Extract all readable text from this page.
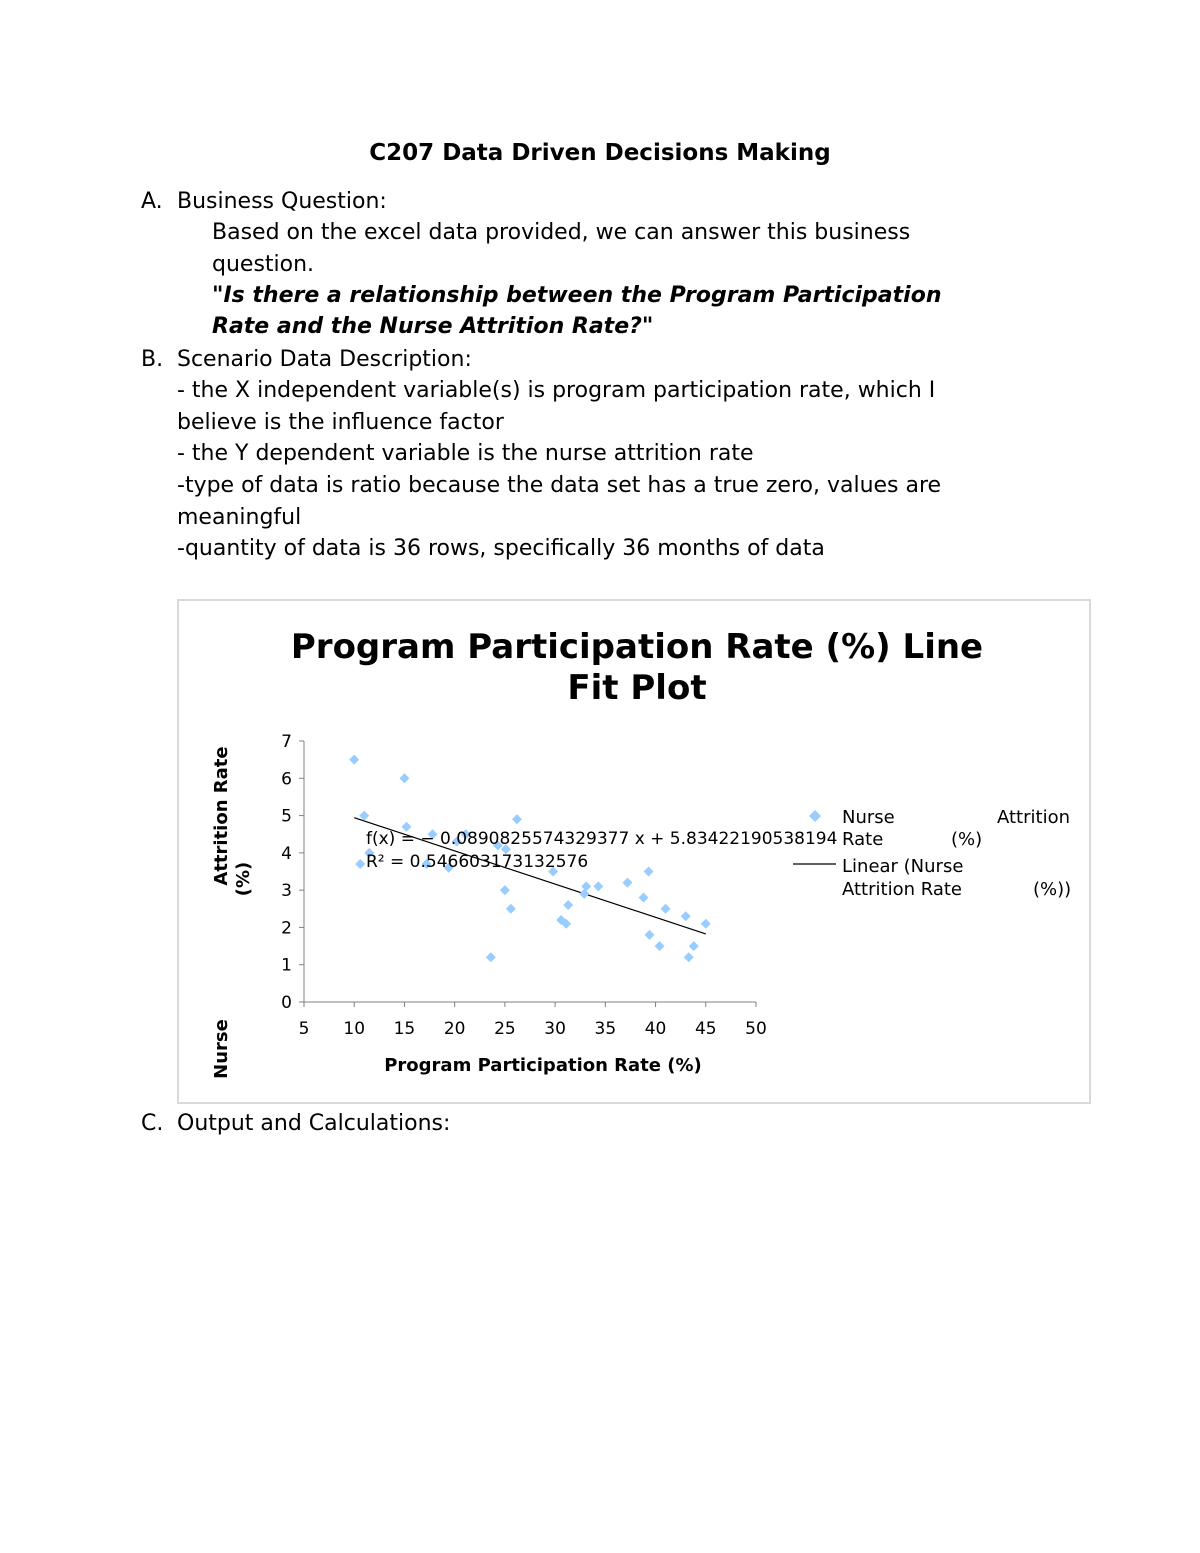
C207 Data Driven Decisions Making
A. Business Question:
Based on the excel data provided, we can answer this business
question.
"Is there a relationship between the Program Participation
Rate and the Nurse Attrition Rate?"
B. Scenario Data Description:
- the X independent variable(s) is program participation rate, which I
believe is the influence factor
- the Y dependent variable is the nurse attrition rate
-type of data is ratio because the data set has a true zero, values are
meaningful
-quantity of data is 36 rows, specifically 36 months of data
Program Participation Rate (%) Line
Fit Plot
0
1
2
3
4
5
6
7
5 10 15 20 25 30 35 40 45 50
Program Participation Rate (%)
Attrition Rate (%)
Nurse
f(x) = − 0.0890825574329377 x + 5.83422190538194
R² = 0.546603173132576
Nurse	Attrition
Rate	(%)
Linear (Nurse
Attrition Rate	(%))
C. Output and Calculations:
